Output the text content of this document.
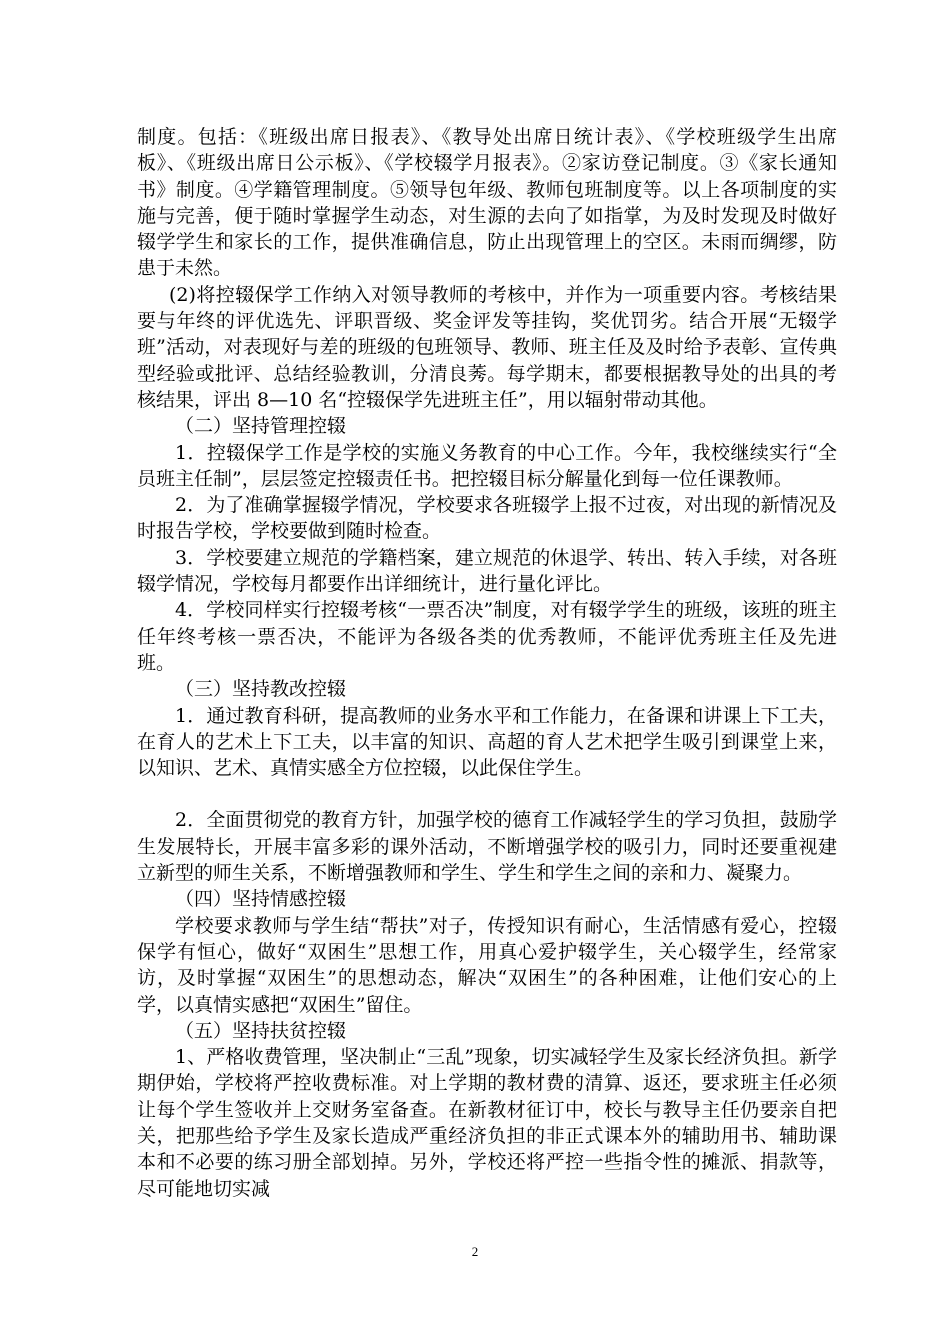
制度。包括：《班级出席日报表》、《教导处出席日统计表》、《学校班级学生出席板》、《班级出席日公示板》、《学校辍学月报表》。②家访登记制度。③《家长通知书》制度。④学籍管理制度。⑤领导包年级、教师包班制度等。以上各项制度的实施与完善，便于随时掌握学生动态，对生源的去向了如指掌，为及时发现及时做好辍学学生和家长的工作，提供准确信息，防止出现管理上的空区。未雨而绸缪，防患于未然。

(2)将控辍保学工作纳入对领导教师的考核中，并作为一项重要内容。考核结果要与年终的评优选先、评职晋级、奖金评发等挂钩，奖优罚劣。结合开展“无辍学班”活动，对表现好与差的班级的包班领导、教师、班主任及及时给予表彰、宣传典型经验或批评、总结经验教训，分清良莠。每学期末，都要根据教导处的出具的考核结果，评出 8—10 名“控辍保学先进班主任”，用以辐射带动其他。

（二）坚持管理控辍

1．控辍保学工作是学校的实施义务教育的中心工作。今年，我校继续实行“全员班主任制”，层层签定控辍责任书。把控辍目标分解量化到每一位任课教师。

2．为了准确掌握辍学情况，学校要求各班辍学上报不过夜，对出现的新情况及时报告学校，学校要做到随时检查。

3．学校要建立规范的学籍档案，建立规范的休退学、转出、转入手续，对各班辍学情况，学校每月都要作出详细统计，进行量化评比。

4．学校同样实行控辍考核“一票否决”制度，对有辍学学生的班级，该班的班主任年终考核一票否决，不能评为各级各类的优秀教师，不能评优秀班主任及先进班。

（三）坚持教改控辍

1．通过教育科研，提高教师的业务水平和工作能力，在备课和讲课上下工夫，在育人的艺术上下工夫，以丰富的知识、高超的育人艺术把学生吸引到课堂上来，以知识、艺术、真情实感全方位控辍，以此保住学生。

2．全面贯彻党的教育方针，加强学校的德育工作减轻学生的学习负担，鼓励学生发展特长，开展丰富多彩的课外活动，不断增强学校的吸引力，同时还要重视建立新型的师生关系，不断增强教师和学生、学生和学生之间的亲和力、凝聚力。

（四）坚持情感控辍

学校要求教师与学生结“帮扶”对子，传授知识有耐心，生活情感有爱心，控辍保学有恒心，做好“双困生”思想工作，用真心爱护辍学生，关心辍学生，经常家访，及时掌握“双困生”的思想动态，解决“双困生”的各种困难，让他们安心的上学，以真情实感把“双困生”留住。

（五）坚持扶贫控辍

1、严格收费管理，坚决制止“三乱”现象，切实减轻学生及家长经济负担。新学期伊始，学校将严控收费标准。对上学期的教材费的清算、返还，要求班主任必须让每个学生签收并上交财务室备查。在新教材征订中，校长与教导主任仍要亲自把关，把那些给予学生及家长造成严重经济负担的非正式课本外的辅助用书、辅助课本和不必要的练习册全部划掉。另外，学校还将严控一些指令性的摊派、捐款等，尽可能地切实减

2
